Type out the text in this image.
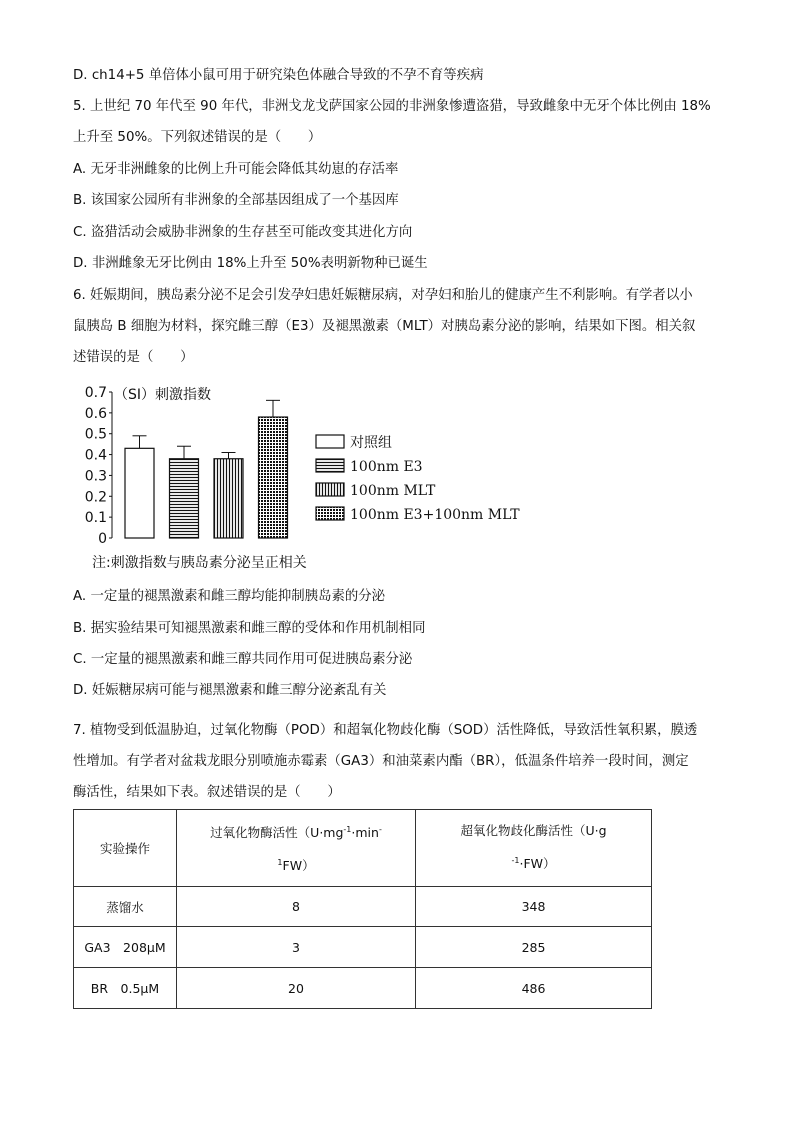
D. ch14+5 单倍体小鼠可用于研究染色体融合导致的不孕不育等疾病
5. 上世纪 70 年代至 90 年代，非洲戈龙戈萨国家公园的非洲象惨遭盗猎，导致雌象中无牙个体比例由 18%
上升至 50%。下列叙述错误的是（　　）
A. 无牙非洲雌象的比例上升可能会降低其幼崽的存活率
B. 该国家公园所有非洲象的全部基因组成了一个基因库
C. 盗猎活动会威胁非洲象的生存甚至可能改变其进化方向
D. 非洲雌象无牙比例由 18%上升至 50%表明新物种已诞生
6. 妊娠期间，胰岛素分泌不足会引发孕妇患妊娠糖尿病，对孕妇和胎儿的健康产生不利影响。有学者以小
鼠胰岛 B 细胞为材料，探究雌三醇（E3）及褪黑激素（MLT）对胰岛素分泌的影响，结果如下图。相关叙
述错误的是（　　）
0
0.1
0.2
0.3
0.4
0.5
0.6
0.7 （SI）刺激指数
对照组
100nm E3
100nm MLT
100nm E3+100nm MLT
注:刺激指数与胰岛素分泌呈正相关
A. 一定量的褪黑激素和雌三醇均能抑制胰岛素的分泌
B. 据实验结果可知褪黑激素和雌三醇的受体和作用机制相同
C. 一定量的褪黑激素和雌三醇共同作用可促进胰岛素分泌
D. 妊娠糖尿病可能与褪黑激素和雌三醇分泌紊乱有关
7. 植物受到低温胁迫，过氧化物酶（POD）和超氧化物歧化酶（SOD）活性降低，导致活性氧积累，膜透
性增加。有学者对盆栽龙眼分别喷施赤霉素（GA3）和油菜素内酯（BR），低温条件培养一段时间，测定
酶活性，结果如下表。叙述错误的是（　　）
实验操作	过氧化物酶活性（$U\cdot mg^{-1}\cdot\min^-$
$^1$FW）	超氧化物歧化酶活性（U·g
$^{-1}$·FW）
蒸馏水	8	348
GA3　208μM	3	285
BR　0.5μM	20	486
